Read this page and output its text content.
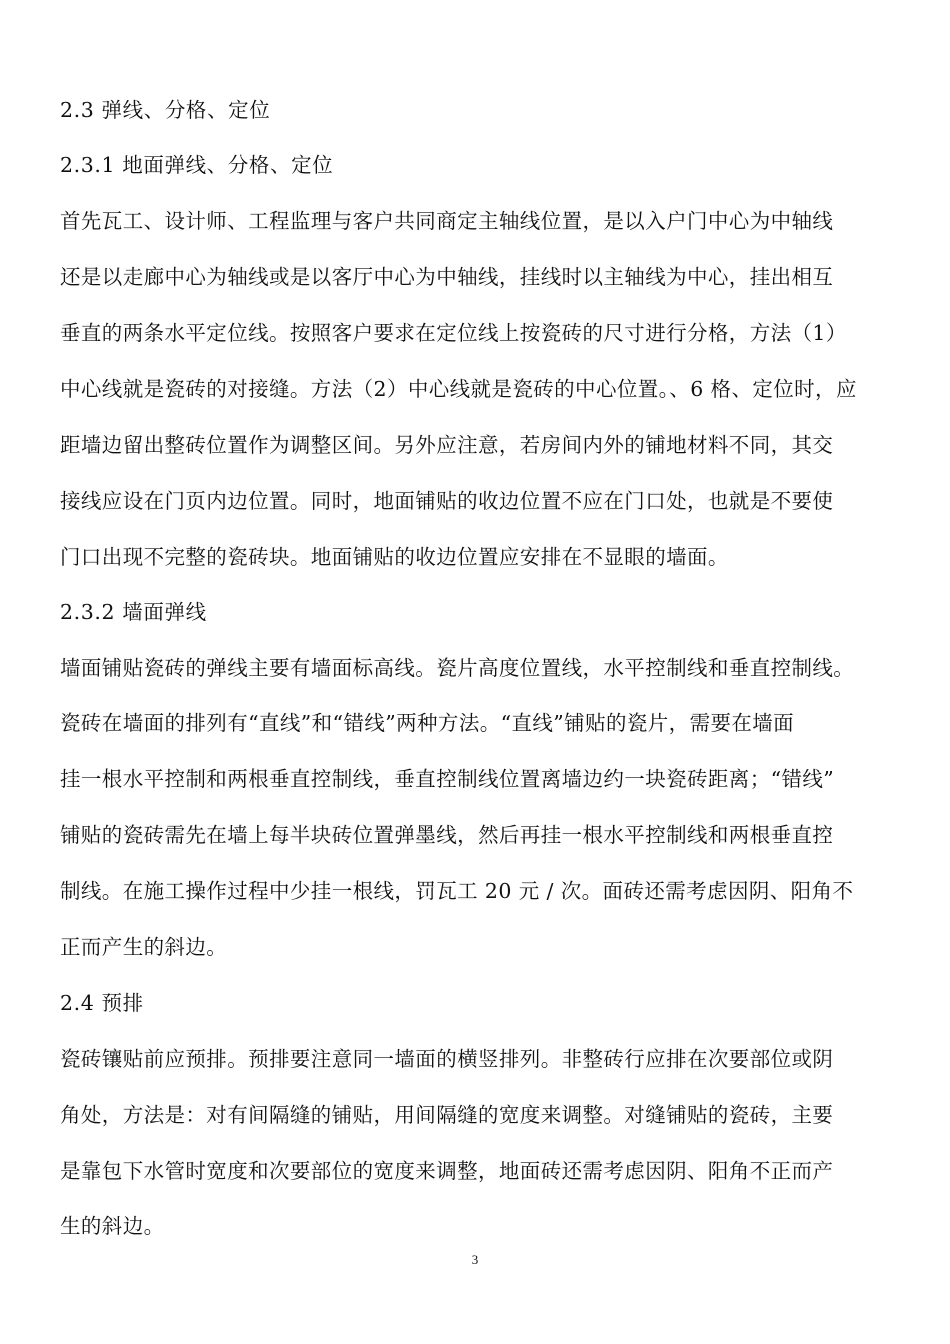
2.3 弹线、分格、定位
2.3.1 地面弹线、分格、定位
首先瓦工、设计师、工程监理与客户共同商定主轴线位置，是以入户门中心为中轴线
还是以走廊中心为轴线或是以客厅中心为中轴线，挂线时以主轴线为中心，挂出相互
垂直的两条水平定位线。按照客户要求在定位线上按瓷砖的尺寸进行分格，方法（1）
中心线就是瓷砖的对接缝。方法（2）中心线就是瓷砖的中心位置。、6 格、定位时，应
距墙边留出整砖位置作为调整区间。另外应注意，若房间内外的铺地材料不同，其交
接线应设在门页内边位置。同时，地面铺贴的收边位置不应在门口处，也就是不要使
门口出现不完整的瓷砖块。地面铺贴的收边位置应安排在不显眼的墙面。
2.3.2 墙面弹线
墙面铺贴瓷砖的弹线主要有墙面标高线。瓷片高度位置线，水平控制线和垂直控制线。
瓷砖在墙面的排列有“直线”和“错线”两种方法。“直线”铺贴的瓷片，需要在墙面
挂一根水平控制和两根垂直控制线，垂直控制线位置离墙边约一块瓷砖距离；“错线”
铺贴的瓷砖需先在墙上每半块砖位置弹墨线，然后再挂一根水平控制线和两根垂直控
制线。在施工操作过程中少挂一根线，罚瓦工 20 元 / 次。面砖还需考虑因阴、阳角不
正而产生的斜边。
2.4 预排
瓷砖镶贴前应预排。预排要注意同一墙面的横竖排列。非整砖行应排在次要部位或阴
角处，方法是：对有间隔缝的铺贴，用间隔缝的宽度来调整。对缝铺贴的瓷砖，主要
是靠包下水管时宽度和次要部位的宽度来调整，地面砖还需考虑因阴、阳角不正而产
生的斜边。
3
